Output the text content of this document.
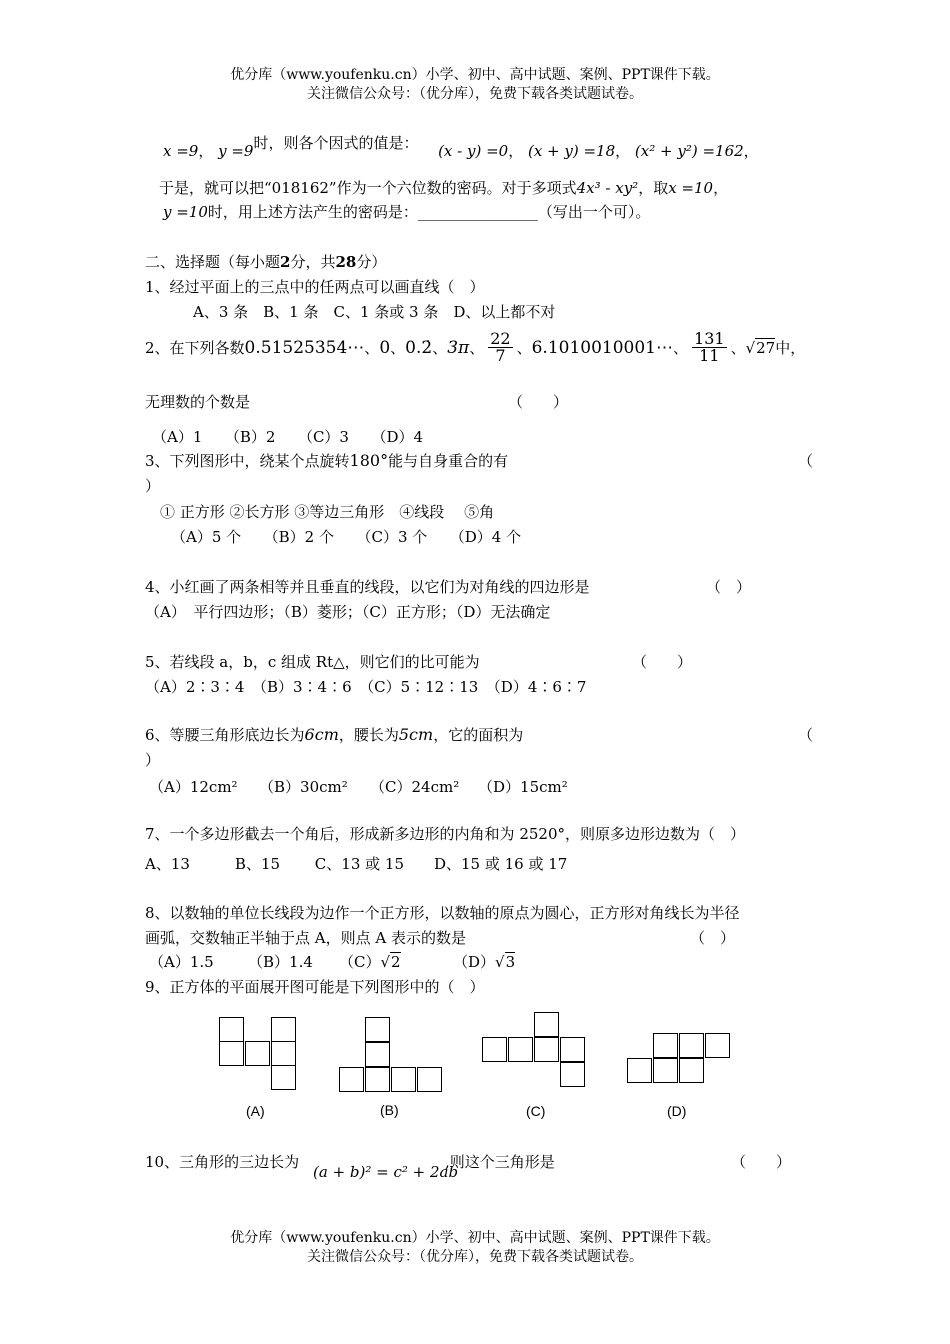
优分库（www.youfenku.cn）小学、初中、高中试题、案例、PPT课件下载。
关注微信公众号：（优分库），免费下载各类试题试卷。
x =9， y =9时，则各个因式的值是： (x - y) =0， (x + y) =18， (x² + y²) =162，
于是，就可以把“018162”作为一个六位数的密码。对于多项式4x³ - xy²，取x =10，
y =10时，用上述方法产生的密码是：________________（写出一个可）。
二、选择题（每小题2分，共28分）
1、经过平面上的三点中的任两点可以画直线（　）
A、3 条　B、1 条　C、1 条或 3 条　D、以上都不对
2、在下列各数 0.51525354⋯ 、 0 、 0.2̇ 、 3π 、 $\frac{22}{7}$ 、 6.1010010001⋯ 、 $\frac{131}{11}$ 、 √27 中，
无理数的个数是	（　　）
（A）1　　（B）2　　（C）3　　（D）4
3、下列图形中，绕某个点旋转180°能与自身重合的有	（
）
① 正方形 ②长方形 ③等边三角形　④线段　 ⑤角
（A）5 个　　（B）2 个　　（C）3 个　　（D）4 个
4、小红画了两条相等并且垂直的线段，以它们为对角线的四边形是	（　）
（A）　平行四边形；（B）菱形；（C）正方形；（D）无法确定
5、若线段 a，b，c 组成 Rt△，则它们的比可能为	（　　）
（A）2∶3∶4　（B）3∶4∶6　（C）5∶12∶13　（D）4∶6∶7
6、等腰三角形底边长为6cm，腰长为5cm，它的面积为	（
）
（A）12cm² （B）30cm² （C）24cm² （D）15cm²
7、一个多边形截去一个角后，形成新多边形的内角和为 2520°，则原多边形边数为（　）
A、13　　　B、15　　 C、13 或 15　　D、15 或 16 或 17
8、以数轴的单位长线段为边作一个正方形，以数轴的原点为圆心，正方形对角线长为半径
画弧，交数轴正半轴于点 A，则点 A 表示的数是	（　）
（A）1.5 （B）1.4 （C）√2	（D）√3
9、正方体的平面展开图可能是下列图形中的（　）
(A)	(B)	(C)	(D)
10、三角形的三边长为
(a + b)² = c² + 2ab
,则这个三角形是	（　　）
优分库（www.youfenku.cn）小学、初中、高中试题、案例、PPT课件下载。
关注微信公众号：（优分库），免费下载各类试题试卷。
